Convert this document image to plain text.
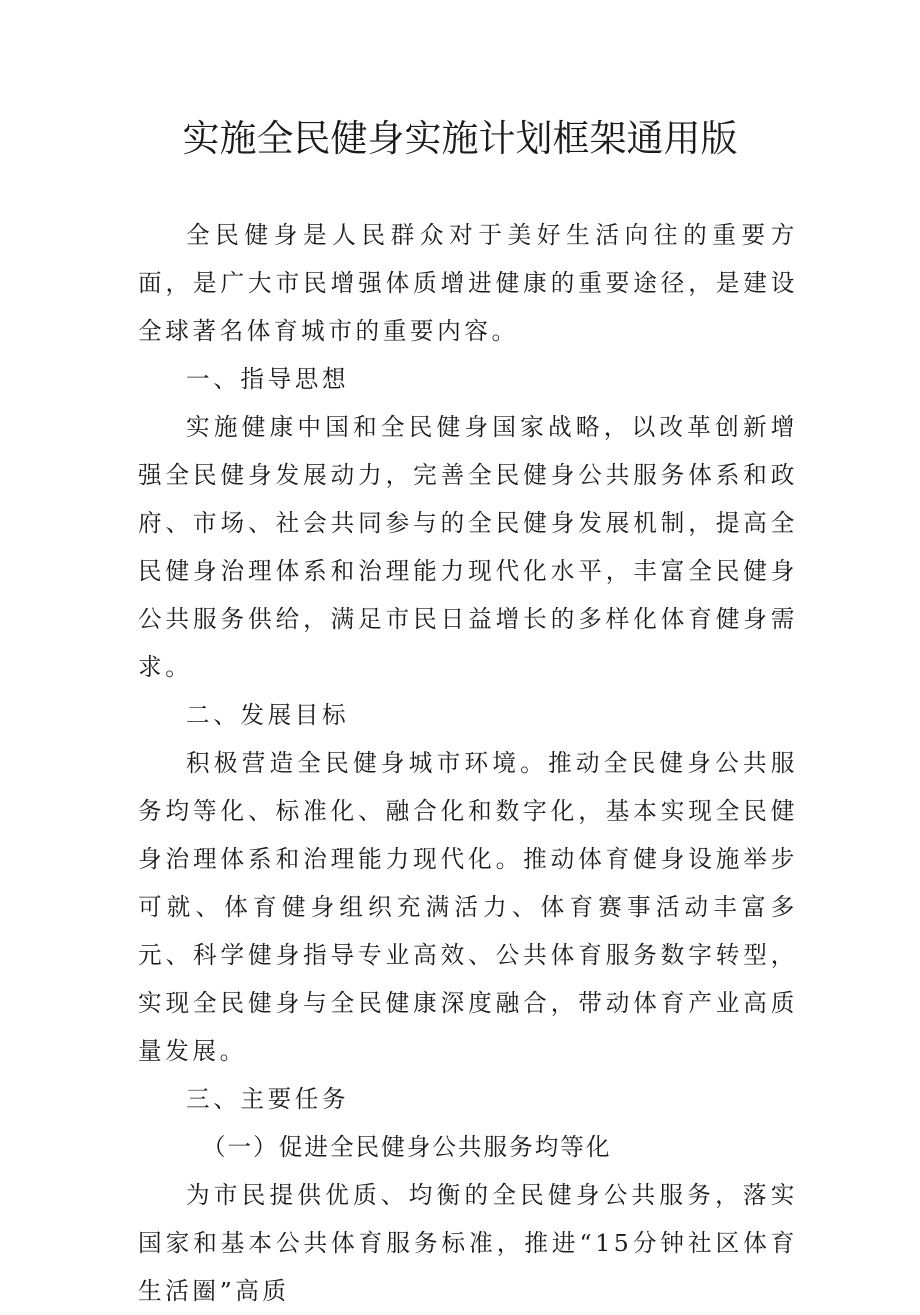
实施全民健身实施计划框架通用版

全民健身是人民群众对于美好生活向往的重要方面，是广大市民增强体质增进健康的重要途径，是建设全球著名体育城市的重要内容。

一、指导思想

实施健康中国和全民健身国家战略，以改革创新增强全民健身发展动力，完善全民健身公共服务体系和政府、市场、社会共同参与的全民健身发展机制，提高全民健身治理体系和治理能力现代化水平，丰富全民健身公共服务供给，满足市民日益增长的多样化体育健身需求。

二、发展目标

积极营造全民健身城市环境。推动全民健身公共服务均等化、标准化、融合化和数字化，基本实现全民健身治理体系和治理能力现代化。推动体育健身设施举步可就、体育健身组织充满活力、体育赛事活动丰富多元、科学健身指导专业高效、公共体育服务数字转型，实现全民健身与全民健康深度融合，带动体育产业高质量发展。

三、主要任务

（一）促进全民健身公共服务均等化

为市民提供优质、均衡的全民健身公共服务，落实国家和基本公共体育服务标准，推进“15分钟社区体育生活圈”高质
